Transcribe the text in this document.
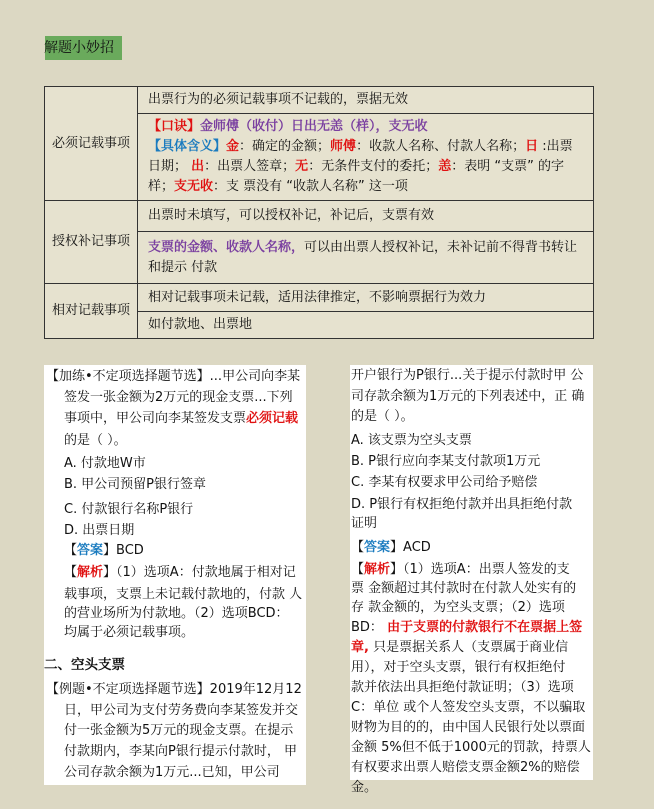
解题小妙招
必须记载事项	出票行为的必须记载事项不记载的，票据无效

	【口诀】金师傅（收付）日出无恙（样），支无收
【具体含义】金：确定的金额；师傅：收款人名称、付款人名称；日 :出票日期； 出：出票人签章；无：无条件支付的委托；恙：表明 “支票” 的字样；支无收：支 票没有 “收款人名称” 这一项

授权补记事项	出票时未填写，可以授权补记，补记后，支票有效
	支票的金额、收款人名称，可以由出票人授权补记，未补记前不得背书转让和提示 付款
相对记载事项	相对记载事项未记载，适用法律推定，不影响票据行为效力
	如付款地、出票地
【加练•不定项选择题节选】...甲公司向李某
签发一张金额为2万元的现金支票...下列
事项中，甲公司向李某签发支票必须记载
的是（ ）。
A. 付款地W市
B. 甲公司预留P银行签章
C. 付款银行名称P银行
D. 出票日期
【答案】BCD
【解析】（1）选项A：付款地属于相对记
载事项，支票上未记载付款地的，付款 人
的营业场所为付款地。（2）选项BCD：
均属于必须记载事项。
二、空头支票
【例题•不定项选择题节选】2019年12月12
日，甲公司为支付劳务费向李某签发并交
付一张金额为5万元的现金支票。在提示
付款期内，李某向P银行提示付款时， 甲
公司存款余额为1万元...已知，甲公司
开户银行为P银行...关于提示付款时甲 公
司存款余额为1万元的下列表述中，正 确
的是（ ）。
A. 该支票为空头支票
B. P银行应向李某支付款项1万元
C. 李某有权要求甲公司给予赔偿
D. P银行有权拒绝付款并出具拒绝付款
证明
【答案】ACD
【解析】（1）选项A：出票人签发的支
票 金额超过其付款时在付款人处实有的
存 款金额的，为空头支票；（2）选项
BD： 由于支票的付款银行不在票据上签
章, 只是票据关系人（支票属于商业信
用），对于空头支票，银行有权拒绝付
款并依法出具拒绝付款证明；（3）选项
C：单位 或个人签发空头支票，不以骗取
财物为目的的，由中国人民银行处以票面
金额 5%但不低于1000元的罚款，持票人
有权要求出票人赔偿支票金额2%的赔偿
金。
